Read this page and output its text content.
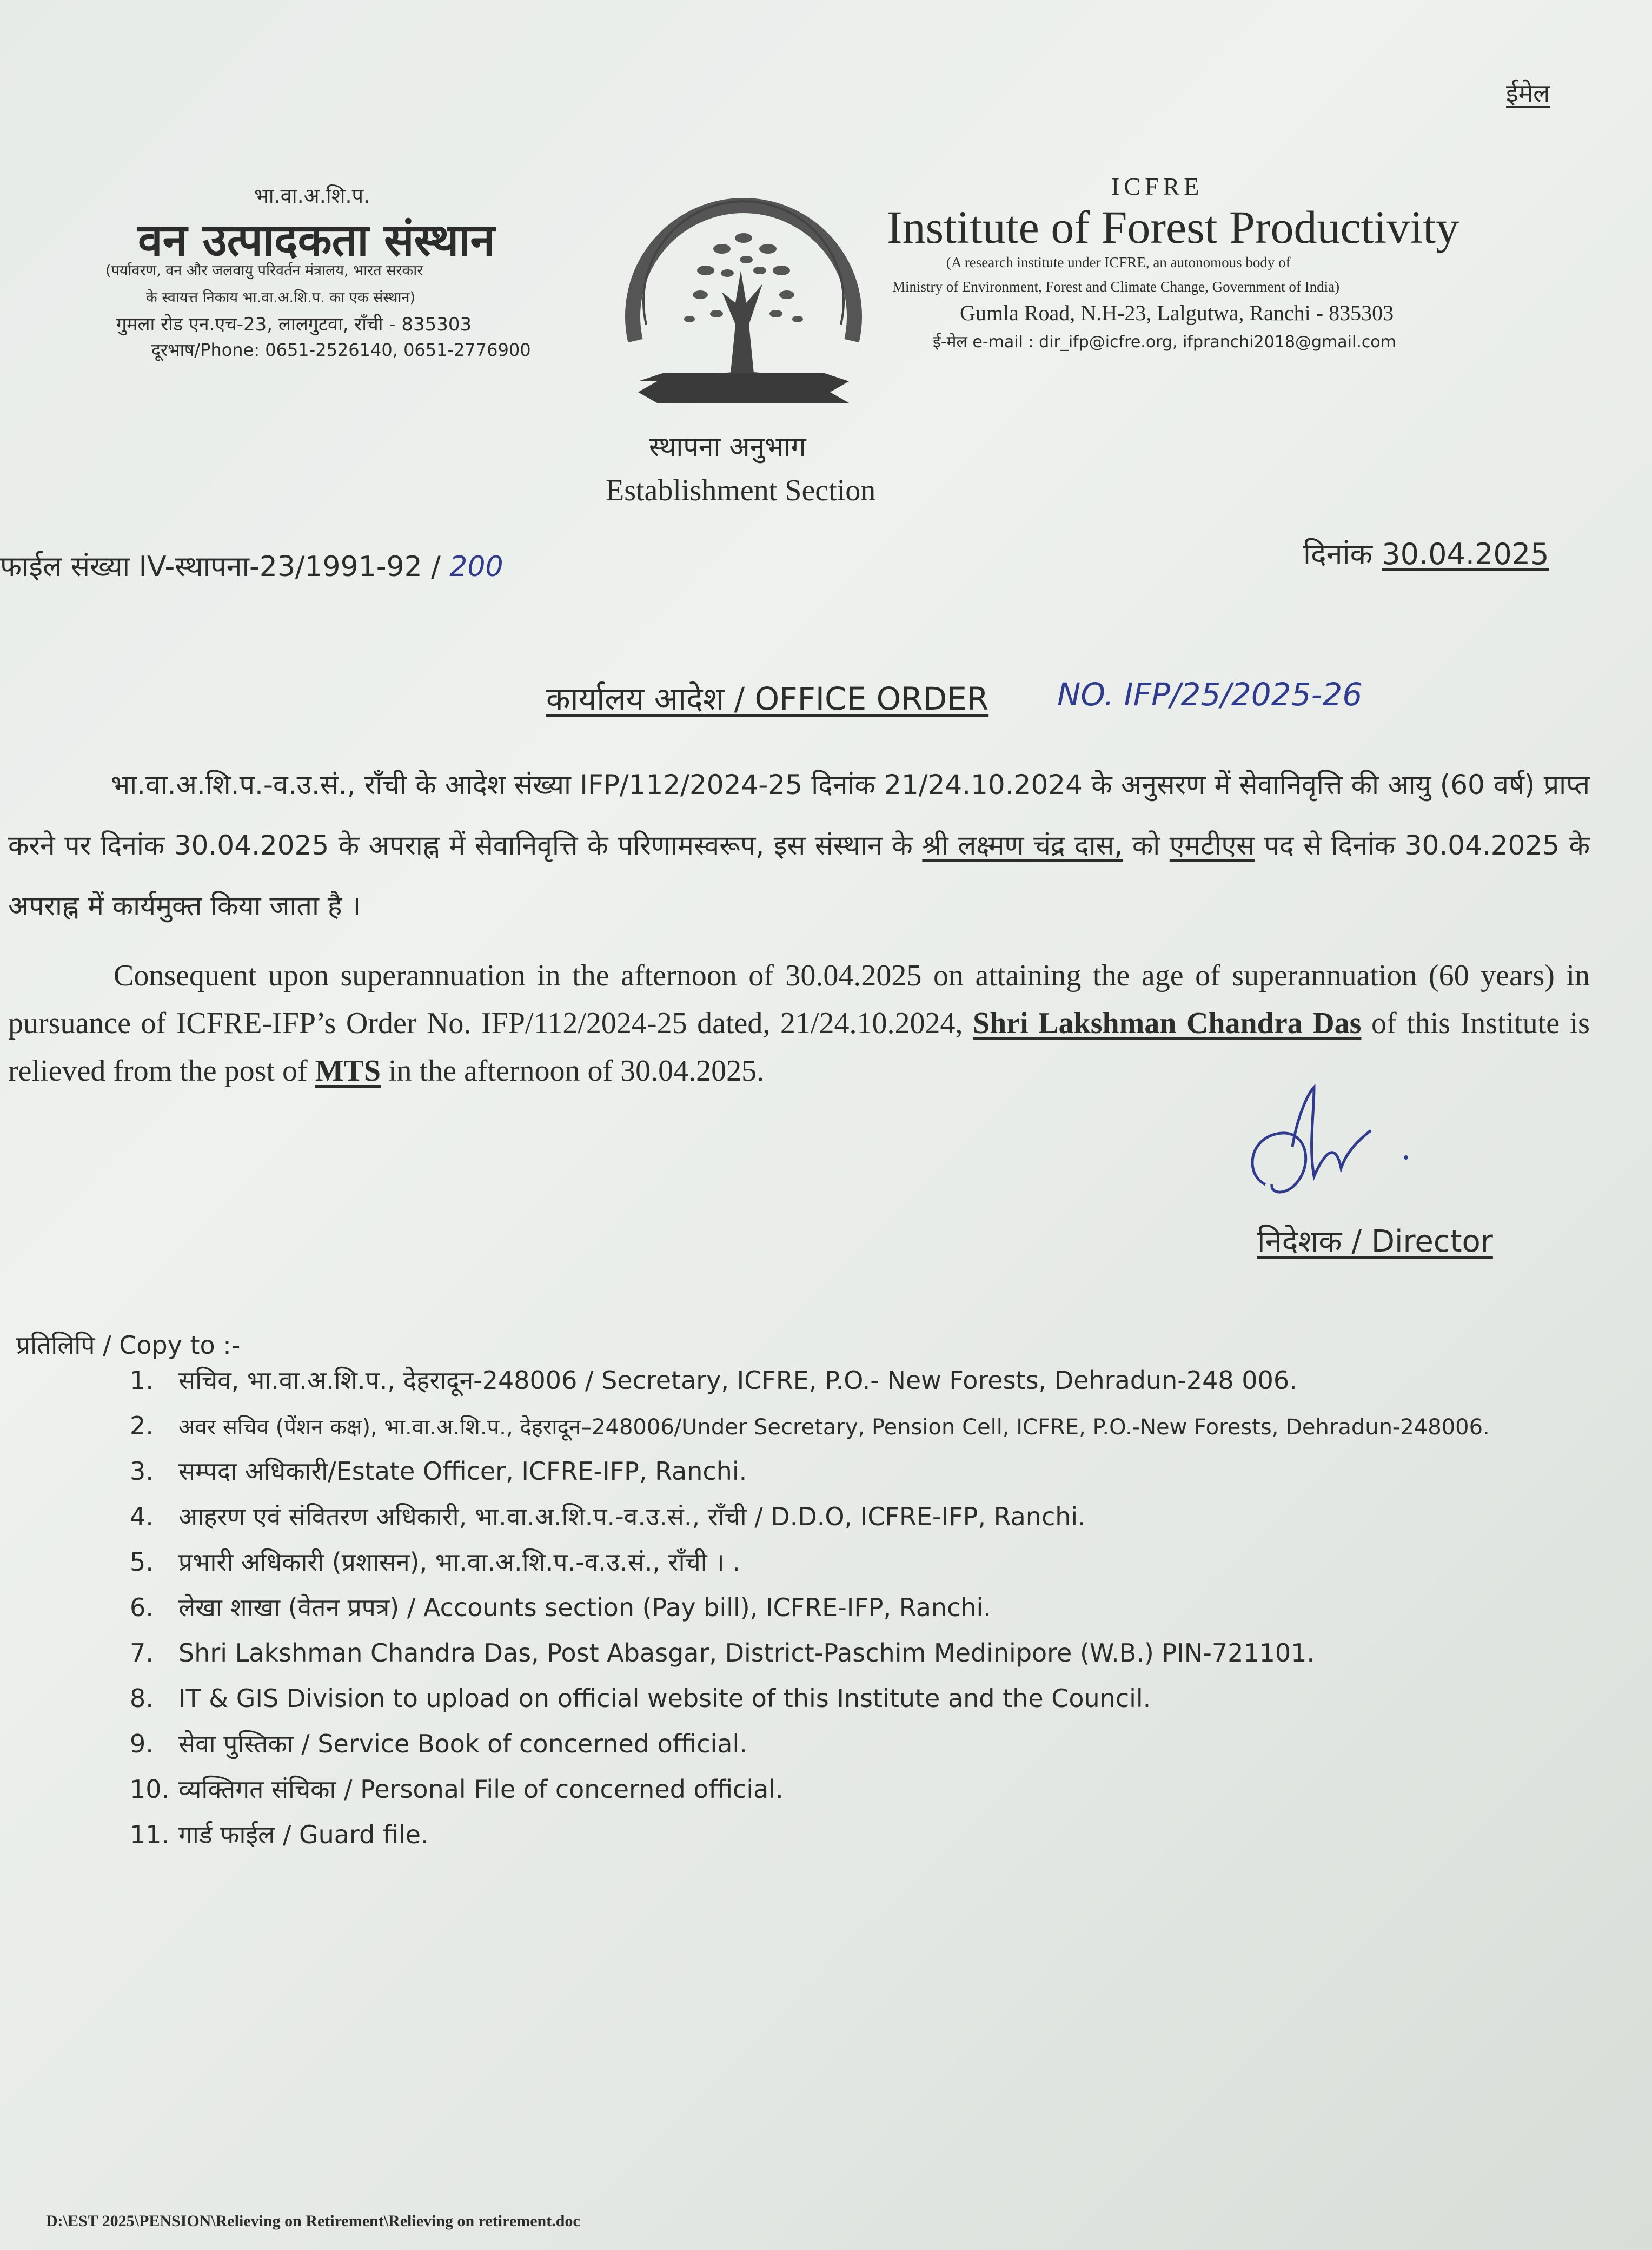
ईमेल
भा.वा.अ.शि.प.
वन उत्पादकता संस्थान
(पर्यावरण, वन और जलवायु परिवर्तन मंत्रालय, भारत सरकार
के स्वायत्त निकाय भा.वा.अ.शि.प. का एक संस्थान)
गुमला रोड एन.एच-23, लालगुटवा, राँची - 835303
दूरभाष/Phone: 0651-2526140, 0651-2776900
ICFRE
Institute of Forest Productivity
(A research institute under ICFRE, an autonomous body of
Ministry of Environment, Forest and Climate Change, Government of India)
Gumla Road, N.H-23, Lalgutwa, Ranchi - 835303
ई-मेल e-mail : dir_ifp@icfre.org, ifpranchi2018@gmail.com
स्थापना अनुभाग
Establishment Section
फाईल संख्या IV-स्थापना-23/1991-92 / 200	दिनांक 30.04.2025
कार्यालय आदेश / OFFICE ORDER NO. IFP/25/2025-26
भा.वा.अ.शि.प.-व.उ.सं., राँची के आदेश संख्या IFP/112/2024-25 दिनांक 21/24.10.2024 के अनुसरण में सेवानिवृत्ति की आयु (60 वर्ष) प्राप्त करने पर दिनांक 30.04.2025 के अपराह्न में सेवानिवृत्ति के परिणामस्वरूप, इस संस्थान के श्री लक्ष्मण चंद्र दास, को एमटीएस पद से दिनांक 30.04.2025 के अपराह्न में कार्यमुक्त किया जाता है ।
Consequent upon superannuation in the afternoon of 30.04.2025 on attaining the age of superannuation (60 years) in pursuance of ICFRE-IFP’s Order No. IFP/112/2024-25 dated, 21/24.10.2024, Shri Lakshman Chandra Das of this Institute is relieved from the post of MTS in the afternoon of 30.04.2025.
निदेशक / Director
प्रतिलिपि / Copy to :-
1. सचिव, भा.वा.अ.शि.प., देहरादून-248006 / Secretary, ICFRE, P.O.- New Forests, Dehradun-248 006.
2. अवर सचिव (पेंशन कक्ष), भा.वा.अ.शि.प., देहरादून–248006/Under Secretary, Pension Cell, ICFRE, P.O.-New Forests, Dehradun-248006.
3. सम्पदा अधिकारी/Estate Officer, ICFRE-IFP, Ranchi.
4. आहरण एवं संवितरण अधिकारी, भा.वा.अ.शि.प.-व.उ.सं., राँची / D.D.O, ICFRE-IFP, Ranchi.
5. प्रभारी अधिकारी (प्रशासन), भा.वा.अ.शि.प.-व.उ.सं., राँची । .
6. लेखा शाखा (वेतन प्रपत्र) / Accounts section (Pay bill), ICFRE-IFP, Ranchi.
7. Shri Lakshman Chandra Das, Post Abasgar, District-Paschim Medinipore (W.B.) PIN-721101.
8. IT & GIS Division to upload on official website of this Institute and the Council.
9. सेवा पुस्तिका / Service Book of concerned official.
10. व्यक्तिगत संचिका / Personal File of concerned official.
11. गार्ड फाईल / Guard file.
D:\EST 2025\PENSION\Relieving on Retirement\Relieving on retirement.doc
